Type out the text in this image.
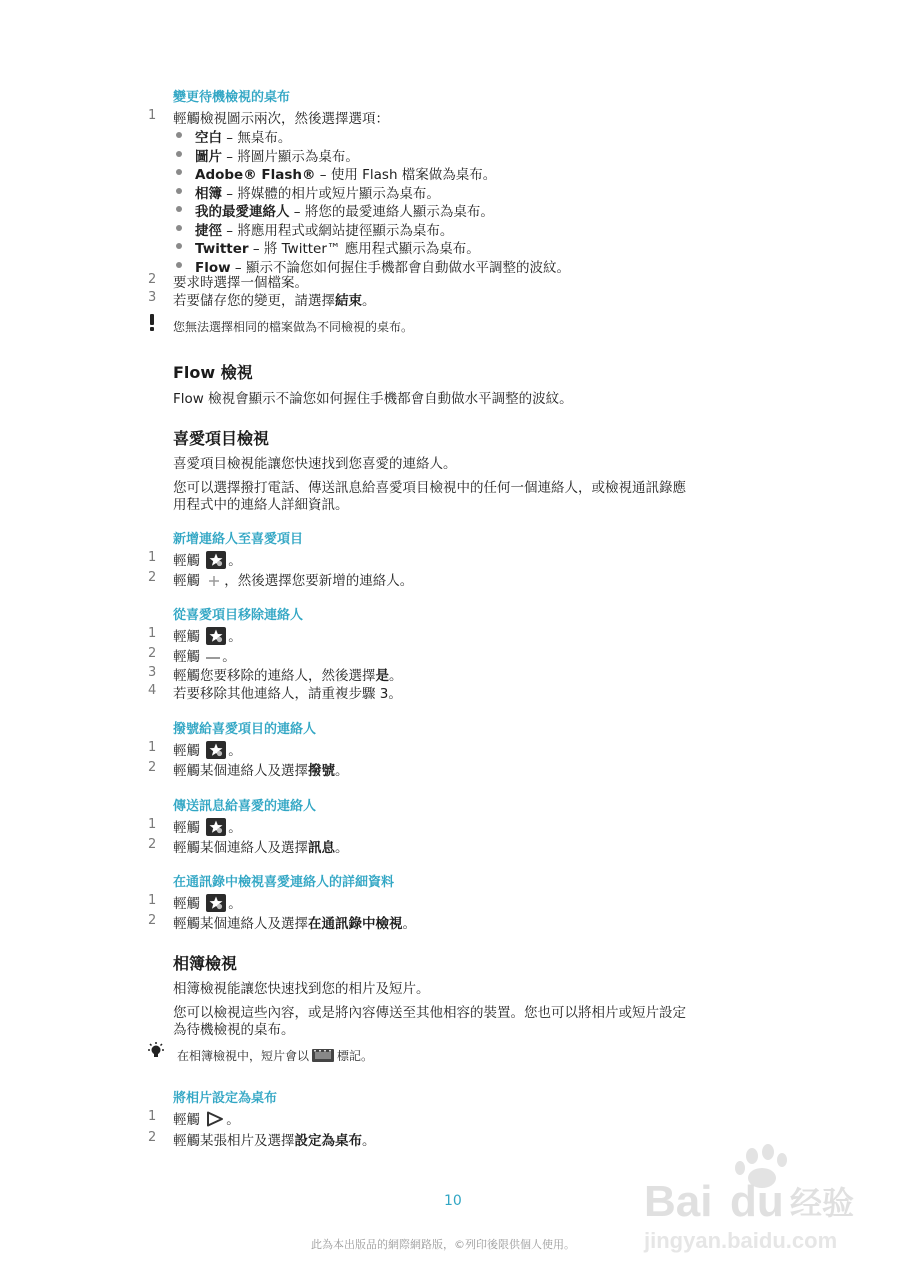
變更待機檢視的桌布
1	輕觸檢視圖示兩次，然後選擇選項：
空白 – 無桌布。
圖片 – 將圖片顯示為桌布。
Adobe® Flash® – 使用 Flash 檔案做為桌布。
相簿 – 將媒體的相片或短片顯示為桌布。
我的最愛連絡人 – 將您的最愛連絡人顯示為桌布。
捷徑 – 將應用程式或網站捷徑顯示為桌布。
Twitter – 將 Twitter™ 應用程式顯示為桌布。
Flow – 顯示不論您如何握住手機都會自動做水平調整的波紋。
2	要求時選擇一個檔案。
3	若要儲存您的變更，請選擇結束。
您無法選擇相同的檔案做為不同檢視的桌布。
Flow 檢視
Flow 檢視會顯示不論您如何握住手機都會自動做水平調整的波紋。
喜愛項目檢視
喜愛項目檢視能讓您快速找到您喜愛的連絡人。
您可以選擇撥打電話、傳送訊息給喜愛項目檢視中的任何一個連絡人，或檢視通訊錄應
用程式中的連絡人詳細資訊。
新增連絡人至喜愛項目
1	輕觸 。
2	輕觸 ，然後選擇您要新增的連絡人。
從喜愛項目移除連絡人
1	輕觸 。
2	輕觸 。
3	輕觸您要移除的連絡人，然後選擇是。
4	若要移除其他連絡人，請重複步驟 3。
撥號給喜愛項目的連絡人
1	輕觸 。
2	輕觸某個連絡人及選擇撥號。
傳送訊息給喜愛的連絡人
1	輕觸 。
2	輕觸某個連絡人及選擇訊息。
在通訊錄中檢視喜愛連絡人的詳細資料
1	輕觸 。
2	輕觸某個連絡人及選擇在通訊錄中檢視。
相簿檢視
相簿檢視能讓您快速找到您的相片及短片。
您可以檢視這些內容，或是將內容傳送至其他相容的裝置。您也可以將相片或短片設定
為待機檢視的桌布。
在相簿檢視中，短片會以 標記。
將相片設定為桌布
1	輕觸 。
2	輕觸某張相片及選擇設定為桌布。
10
此為本出版品的網際網路版，©列印後限供個人使用。
Bai du 经验
jingyan.baidu.com
